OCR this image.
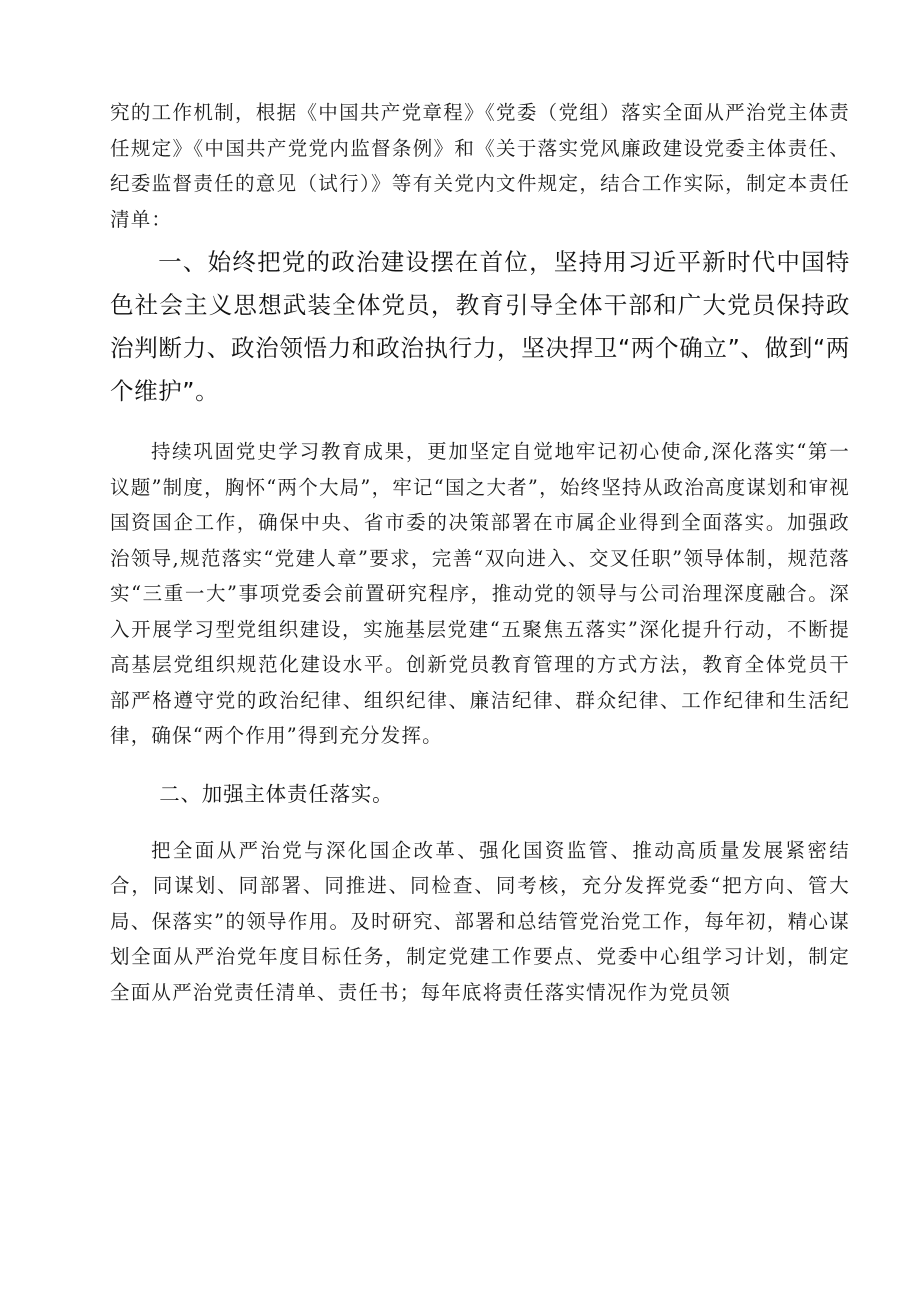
究的工作机制，根据《中国共产党章程》《党委（党组）落实全面从严治党主体责任规定》《中国共产党党内监督条例》和《关于落实党风廉政建设党委主体责任、纪委监督责任的意见（试行）》等有关党内文件规定，结合工作实际，制定本责任清单：

一、始终把党的政治建设摆在首位，坚持用习近平新时代中国特色社会主义思想武装全体党员，教育引导全体干部和广大党员保持政治判断力、政治领悟力和政治执行力，坚决捍卫“两个确立”、做到“两个维护”。

持续巩固党史学习教育成果，更加坚定自觉地牢记初心使命,深化落实“第一议题”制度，胸怀“两个大局”，牢记“国之大者”，始终坚持从政治高度谋划和审视国资国企工作，确保中央、省市委的决策部署在市属企业得到全面落实。加强政治领导,规范落实“党建人章”要求，完善“双向进入、交叉任职”领导体制，规范落实“三重一大”事项党委会前置研究程序，推动党的领导与公司治理深度融合。深入开展学习型党组织建设，实施基层党建“五聚焦五落实”深化提升行动，不断提高基层党组织规范化建设水平。创新党员教育管理的方式方法，教育全体党员干部严格遵守党的政治纪律、组织纪律、廉洁纪律、群众纪律、工作纪律和生活纪律，确保“两个作用”得到充分发挥。

二、加强主体责任落实。

把全面从严治党与深化国企改革、强化国资监管、推动高质量发展紧密结合，同谋划、同部署、同推进、同检查、同考核，充分发挥党委“把方向、管大局、保落实”的领导作用。及时研究、部署和总结管党治党工作，每年初，精心谋划全面从严治党年度目标任务，制定党建工作要点、党委中心组学习计划，制定全面从严治党责任清单、责任书；每年底将责任落实情况作为党员领
